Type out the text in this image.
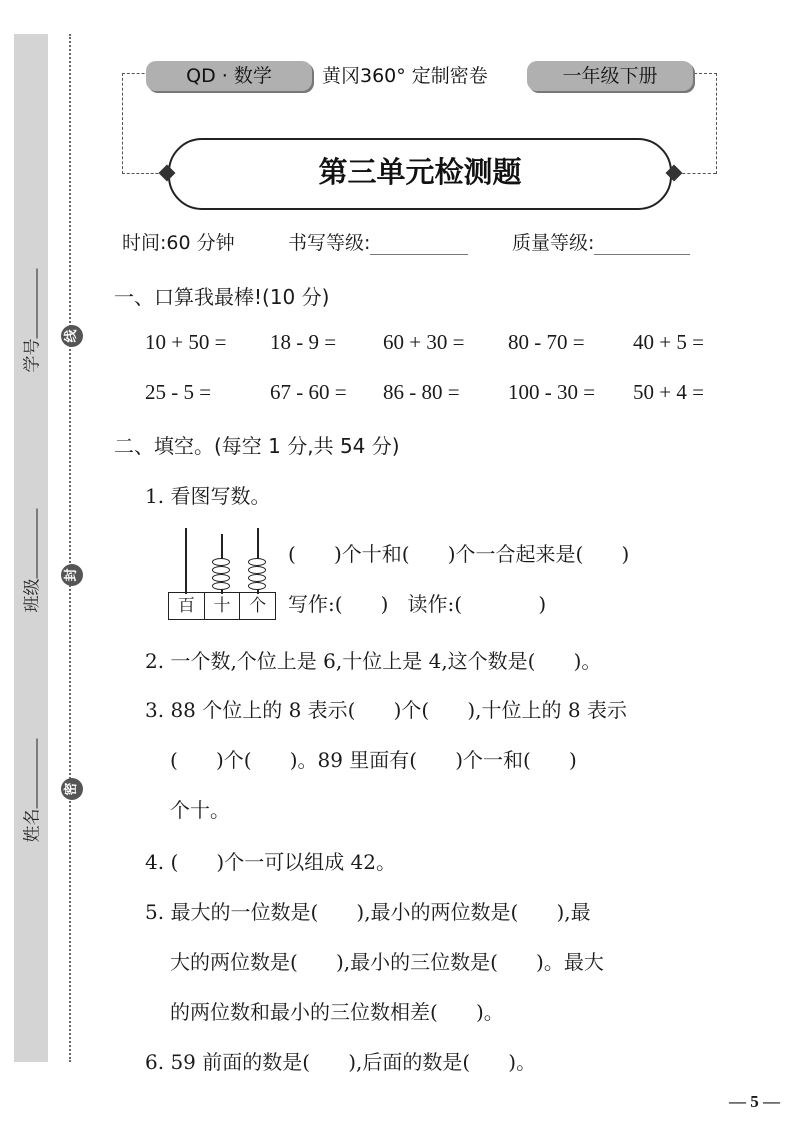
学号
班级
姓名
线
封
密
QD · 数学	黄冈360° 定制密卷	一年级下册
第三单元检测题
时间:60 分钟	书写等级:	质量等级:
一、口算我最棒!(10 分)
10 + 50 = 18 - 9 = 60 + 30 = 80 - 70 = 40 + 5 =
25 - 5 =	67 - 60 = 86 - 80 = 100 - 30 = 50 + 4 =
二、填空。(每空 1 分,共 54 分)
1. 看图写数。
百	十	个
(      )个十和(      )个一合起来是(      )
写作:(      )   读作:(            )
2. 一个数,个位上是 6,十位上是 4,这个数是(      )。
3. 88 个位上的 8 表示(      )个(      ),十位上的 8 表示
(      )个(      )。89 里面有(      )个一和(      )
个十。
4. (      )个一可以组成 42。
5. 最大的一位数是(      ),最小的两位数是(      ),最
大的两位数是(      ),最小的三位数是(      )。最大
的两位数和最小的三位数相差(      )。
6. 59 前面的数是(      ),后面的数是(      )。
— 5 —
